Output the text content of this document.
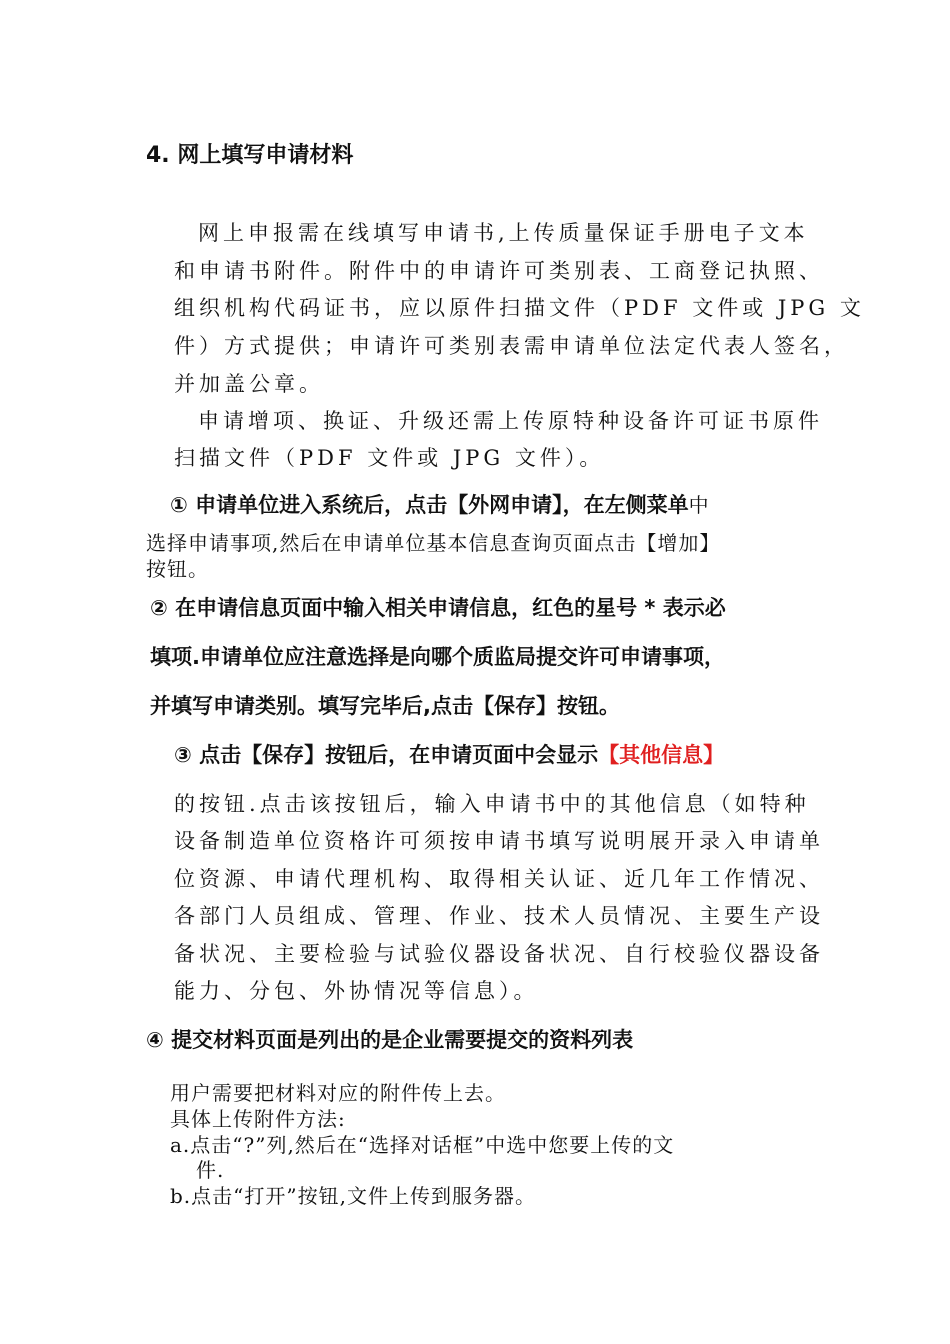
4. 网上填写申请材料
网上申报需在线填写申请书,上传质量保证手册电子文本
和申请书附件。附件中的申请许可类别表、工商登记执照、
组织机构代码证书，应以原件扫描文件（PDF 文件或 JPG 文
件）方式提供；申请许可类别表需申请单位法定代表人签名，
并加盖公章。
申请增项、换证、升级还需上传原特种设备许可证书原件
扫描文件（PDF 文件或 JPG 文件）。
① 申请单位进入系统后，点击【外网申请】，在左侧菜单中
选择申请事项,然后在申请单位基本信息查询页面点击【增加】
按钮。
② 在申请信息页面中输入相关申请信息，红色的星号 * 表示必
填项.申请单位应注意选择是向哪个质监局提交许可申请事项，
并填写申请类别。填写完毕后,点击【保存】按钮。
③ 点击【保存】按钮后，在申请页面中会显示【其他信息】
的按钮.点击该按钮后，输入申请书中的其他信息（如特种
设备制造单位资格许可须按申请书填写说明展开录入申请单
位资源、申请代理机构、取得相关认证、近几年工作情况、
各部门人员组成、管理、作业、技术人员情况、主要生产设
备状况、主要检验与试验仪器设备状况、自行校验仪器设备
能力、分包、外协情况等信息）。
④ 提交材料页面是列出的是企业需要提交的资料列表
用户需要把材料对应的附件传上去。
具体上传附件方法:
a.点击“?”列,然后在“选择对话框”中选中您要上传的文
件.
b.点击“打开”按钮,文件上传到服务器。
